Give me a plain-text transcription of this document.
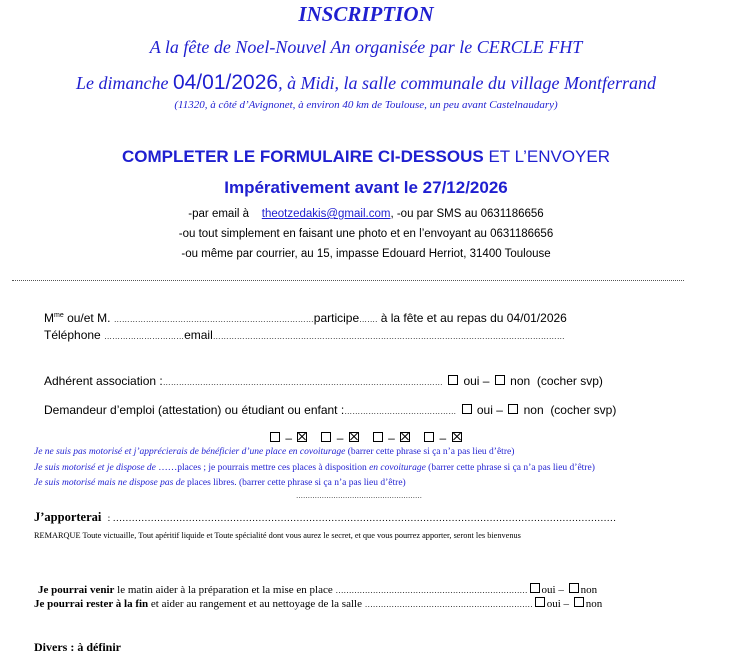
INSCRIPTION
A la fête de Noel-Nouvel An organisée par le CERCLE FHT
Le dimanche 04/01/2026, à Midi, la salle communale du village Montferrand
(11320, à côté d’Avignonet, à environ 40 km de Toulouse, un peu avant Castelnaudary)
COMPLETER LE FORMULAIRE CI-DESSOUS ET L’ENVOYER
Impérativement avant le 27/12/2026
-par email à theotzedakis@gmail.com, -ou par SMS au 0631186656
-ou tout simplement en faisant une photo et en l’envoyant au 0631186656
-ou même par courrier, au 15, impasse Edouard Herriot, 31400 Toulouse
$M^{me}$ ou/et M. …………………………………………………………………participe……. à la fête et au repas du 04/01/2026
Téléphone …………………………email……………………………………………………………………………………………………………………
Adhérent association :…………………………………………………………………………………………… oui – non (cocher svp)
Demandeur d’emploi (attestation) ou étudiant ou enfant :…………………………………… oui – non (cocher svp)
–	–	–	–
Je ne suis pas motorisé et j’apprécierais de bénéficier d’une place en covoiturage (barrer cette phrase si ça n’a pas lieu d’être)
Je suis motorisé et je dispose de ……places ; je pourrais mettre ces places à disposition en covoiturage (barrer cette phrase si ça n’a pas lieu d’être)
Je suis motorisé mais ne dispose pas de places libres. (barrer cette phrase si ça n’a pas lieu d’être)
………………………………………………
J’apporterai : ……………………………………………………………………………………………………………………………………………
REMARQUE Toute victuaille, Tout apéritif liquide et Toute spécialité dont vous aurez le secret, et que vous pourrez apporter, seront les bienvenus
Je pourrai venir le matin aider à la préparation et la mise en place ……………………………………………………………… oui – non
Je pourrai rester à la fin et aider au rangement et au nettoyage de la salle ……………………………………………………… oui – non
Divers : à définir
